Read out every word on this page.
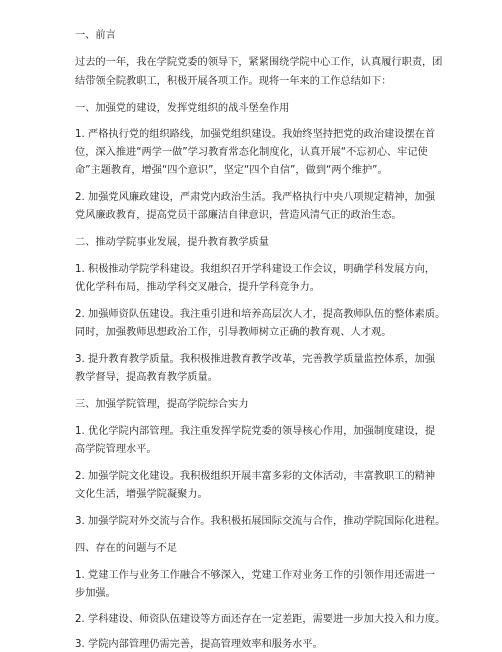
一、前言
过去的一年，我在学院党委的领导下，紧紧围绕学院中心工作，认真履行职责，团
结带领全院教职工，积极开展各项工作。现将一年来的工作总结如下：
一、加强党的建设，发挥党组织的战斗堡垒作用
1. 严格执行党的组织路线，加强党组织建设。我始终坚持把党的政治建设摆在首
位，深入推进“两学一做”学习教育常态化制度化，认真开展“不忘初心、牢记使
命”主题教育，增强“四个意识”，坚定“四个自信”，做到“两个维护”。
2. 加强党风廉政建设，严肃党内政治生活。我严格执行中央八项规定精神，加强
党风廉政教育，提高党员干部廉洁自律意识，营造风清气正的政治生态。
二、推动学院事业发展，提升教育教学质量
1. 积极推动学院学科建设。我组织召开学科建设工作会议，明确学科发展方向，
优化学科布局，推动学科交叉融合，提升学科竞争力。
2. 加强师资队伍建设。我注重引进和培养高层次人才，提高教师队伍的整体素质。
同时，加强教师思想政治工作，引导教师树立正确的教育观、人才观。
3. 提升教育教学质量。我积极推进教育教学改革，完善教学质量监控体系，加强
教学督导，提高教育教学质量。
三、加强学院管理，提高学院综合实力
1. 优化学院内部管理。我注重发挥学院党委的领导核心作用，加强制度建设，提
高学院管理水平。
2. 加强学院文化建设。我积极组织开展丰富多彩的文体活动，丰富教职工的精神
文化生活，增强学院凝聚力。
3. 加强学院对外交流与合作。我积极拓展国际交流与合作，推动学院国际化进程。
四、存在的问题与不足
1. 党建工作与业务工作融合不够深入，党建工作对业务工作的引领作用还需进一
步加强。
2. 学科建设、师资队伍建设等方面还存在一定差距，需要进一步加大投入和力度。
3. 学院内部管理仍需完善，提高管理效率和服务水平。
